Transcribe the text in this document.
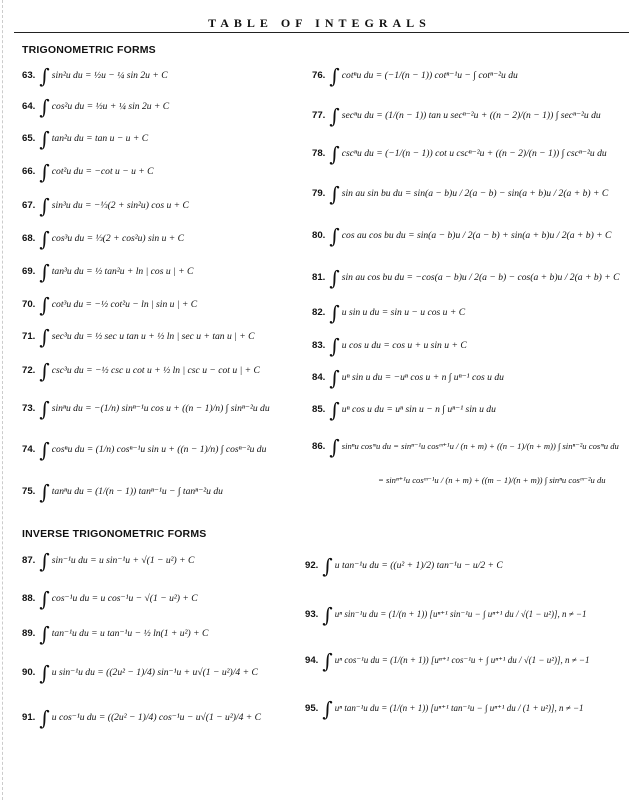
TABLE OF INTEGRALS
TRIGONOMETRIC FORMS
INVERSE TRIGONOMETRIC FORMS
63. ∫ sin²u du = ½u − ¼ sin 2u + C
64. ∫ cos²u du = ½u + ¼ sin 2u + C
65. ∫ tan²u du = tan u − u + C
66. ∫ cot²u du = −cot u − u + C
67. ∫ sin³u du = −⅓(2 + sin²u) cos u + C
68. ∫ cos³u du = ⅓(2 + cos²u) sin u + C
69. ∫ tan³u du = ½ tan²u + ln | cos u | + C
70. ∫ cot³u du = −½ cot²u − ln | sin u | + C
71. ∫ sec³u du = ½ sec u tan u + ½ ln | sec u + tan u | + C
72. ∫ csc³u du = −½ csc u cot u + ½ ln | csc u − cot u | + C
73. ∫ sinⁿu du = −(1/n) sinⁿ⁻¹u cos u + ((n − 1)/n) ∫ sinⁿ⁻²u du
74. ∫ cosⁿu du = (1/n) cosⁿ⁻¹u sin u + ((n − 1)/n) ∫ cosⁿ⁻²u du
75. ∫ tanⁿu du = (1/(n − 1)) tanⁿ⁻¹u − ∫ tanⁿ⁻²u du
76. ∫ cotⁿu du = (−1/(n − 1)) cotⁿ⁻¹u − ∫ cotⁿ⁻²u du
77. ∫ secⁿu du = (1/(n − 1)) tan u secⁿ⁻²u + ((n − 2)/(n − 1)) ∫ secⁿ⁻²u du
78. ∫ cscⁿu du = (−1/(n − 1)) cot u cscⁿ⁻²u + ((n − 2)/(n − 1)) ∫ cscⁿ⁻²u du
79. ∫ sin au sin bu du = sin(a − b)u / 2(a − b) − sin(a + b)u / 2(a + b) + C
80. ∫ cos au cos bu du = sin(a − b)u / 2(a − b) + sin(a + b)u / 2(a + b) + C
81. ∫ sin au cos bu du = −cos(a − b)u / 2(a − b) − cos(a + b)u / 2(a + b) + C
82. ∫ u sin u du = sin u − u cos u + C
83. ∫ u cos u du = cos u + u sin u + C
84. ∫ uⁿ sin u du = −uⁿ cos u + n ∫ uⁿ⁻¹ cos u du
85. ∫ uⁿ cos u du = uⁿ sin u − n ∫ uⁿ⁻¹ sin u du
86. ∫ sinⁿu cosᵐu du = sinⁿ⁻¹u cosᵐ⁺¹u / (n + m) + ((n − 1)/(n + m)) ∫ sinⁿ⁻²u cosᵐu du
= sinⁿ⁺¹u cosᵐ⁻¹u / (n + m) + ((m − 1)/(n + m)) ∫ sinⁿu cosᵐ⁻²u du
87. ∫ sin⁻¹u du = u sin⁻¹u + √(1 − u²) + C
88. ∫ cos⁻¹u du = u cos⁻¹u − √(1 − u²) + C
89. ∫ tan⁻¹u du = u tan⁻¹u − ½ ln(1 + u²) + C
90. ∫ u sin⁻¹u du = ((2u² − 1)/4) sin⁻¹u + u√(1 − u²)/4 + C
91. ∫ u cos⁻¹u du = ((2u² − 1)/4) cos⁻¹u − u√(1 − u²)/4 + C
92. ∫ u tan⁻¹u du = ((u² + 1)/2) tan⁻¹u − u/2 + C
93. ∫ uⁿ sin⁻¹u du = (1/(n + 1)) [uⁿ⁺¹ sin⁻¹u − ∫ uⁿ⁺¹ du / √(1 − u²)], n ≠ −1
94. ∫ uⁿ cos⁻¹u du = (1/(n + 1)) [uⁿ⁺¹ cos⁻¹u + ∫ uⁿ⁺¹ du / √(1 − u²)], n ≠ −1
95. ∫ uⁿ tan⁻¹u du = (1/(n + 1)) [uⁿ⁺¹ tan⁻¹u − ∫ uⁿ⁺¹ du / (1 + u²)], n ≠ −1
